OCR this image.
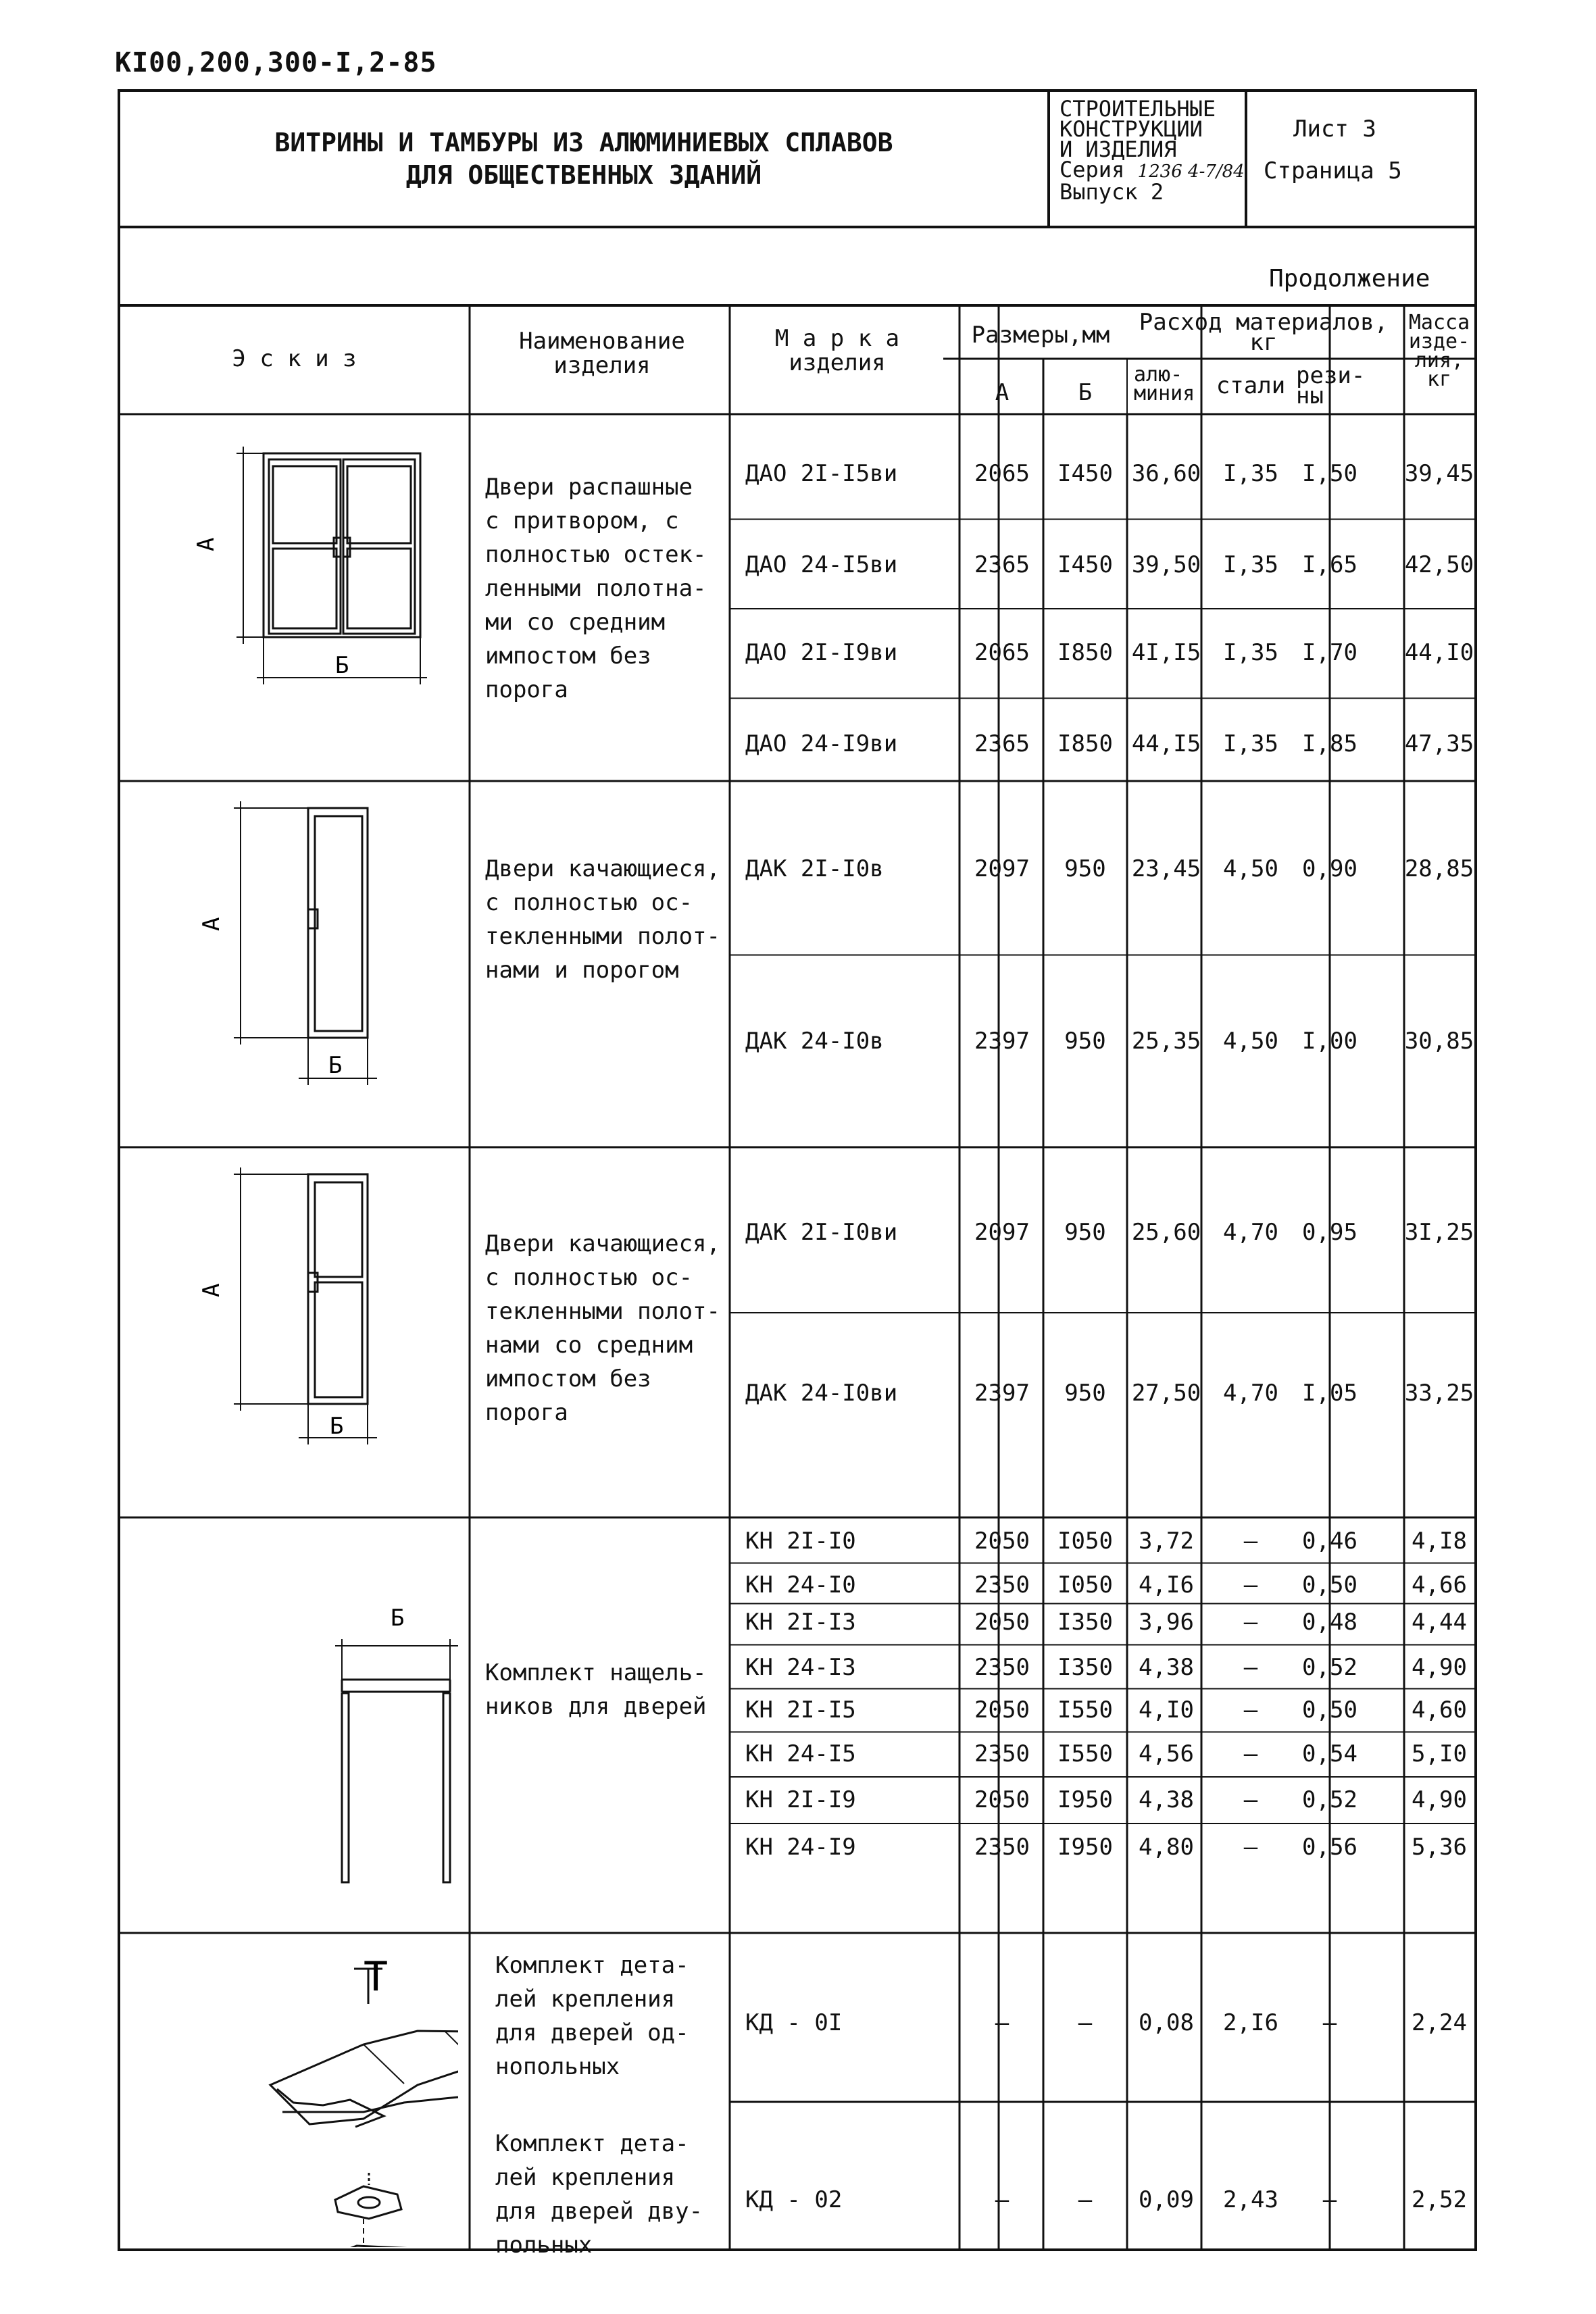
КI00,200,300-I,2-85
ВИТРИНЫ И ТАМБУРЫ ИЗ АЛЮМИНИЕВЫХ СПЛАВОВ
ДЛЯ ОБЩЕСТВЕННЫХ ЗДАНИЙ
СТРОИТЕЛЬНЫЕ
КОНСТРУКЦИИ
И ИЗДЕЛИЯ
Серия 1236 4-7/84
Выпуск 2
Лист 3
Страница 5
Продолжение
Э с к и з
Наименование
изделия
М а р к а
изделия
Размеры,мм
А	Б
Расход материалов,
кг
алю-
миния стали рези-
ны
Масса
изде-
лия,
кг
Двери распашные
с притвором, с
полностью остек-
ленными полотна-
ми со средним
импостом без
порога
ДАО 2I-I5ви	2065	I450 36,60 I,35	I,50 39,45
ДАО 24-I5ви	2365	I450 39,50 I,35	I,65 42,50
ДАО 2I-I9ви	2065	I850 4I,I5 I,35	I,70 44,I0
ДАО 24-I9ви	2365	I850 44,I5 I,35	I,85 47,35
Двери качающиеся,
с полностью ос-
текленными полот-
нами и порогом
ДАК 2I-I0в	2097	950	23,45 4,50	0,90 28,85
ДАК 24-I0в	2397	950	25,35 4,50	I,00 30,85
Двери качающиеся,
с полностью ос-
текленными полот-
нами со средним
импостом без
порога
ДАК 2I-I0ви	2097	950	25,60 4,70	0,95 3I,25
ДАК 24-I0ви	2397	950	27,50 4,70	I,05 33,25
Комплект нащель-
ников для дверей
КН 2I-I0	2050	I050	3,72	–	0,46	4,I8
КН 24-I0	2350	I050	4,I6	–	0,50	4,66
КН 2I-I3	2050	I350	3,96	–	0,48	4,44
КН 24-I3	2350	I350	4,38	–	0,52	4,90
КН 2I-I5	2050	I550	4,I0	–	0,50	4,60
КН 24-I5	2350	I550	4,56	–	0,54	5,I0
КН 2I-I9	2050	I950	4,38	–	0,52	4,90
КН 24-I9	2350	I950	4,80	–	0,56	5,36
Комплект дета-
лей крепления
для дверей од-
нопольных
КД - 0I	–	–	0,08	2,I6	–	2,24
Комплект дета-
лей крепления
для дверей дву-
польных
КД - 02	–	–	0,09	2,43	–	2,52
А
Б
А
Б
А
Б
Б
Т
